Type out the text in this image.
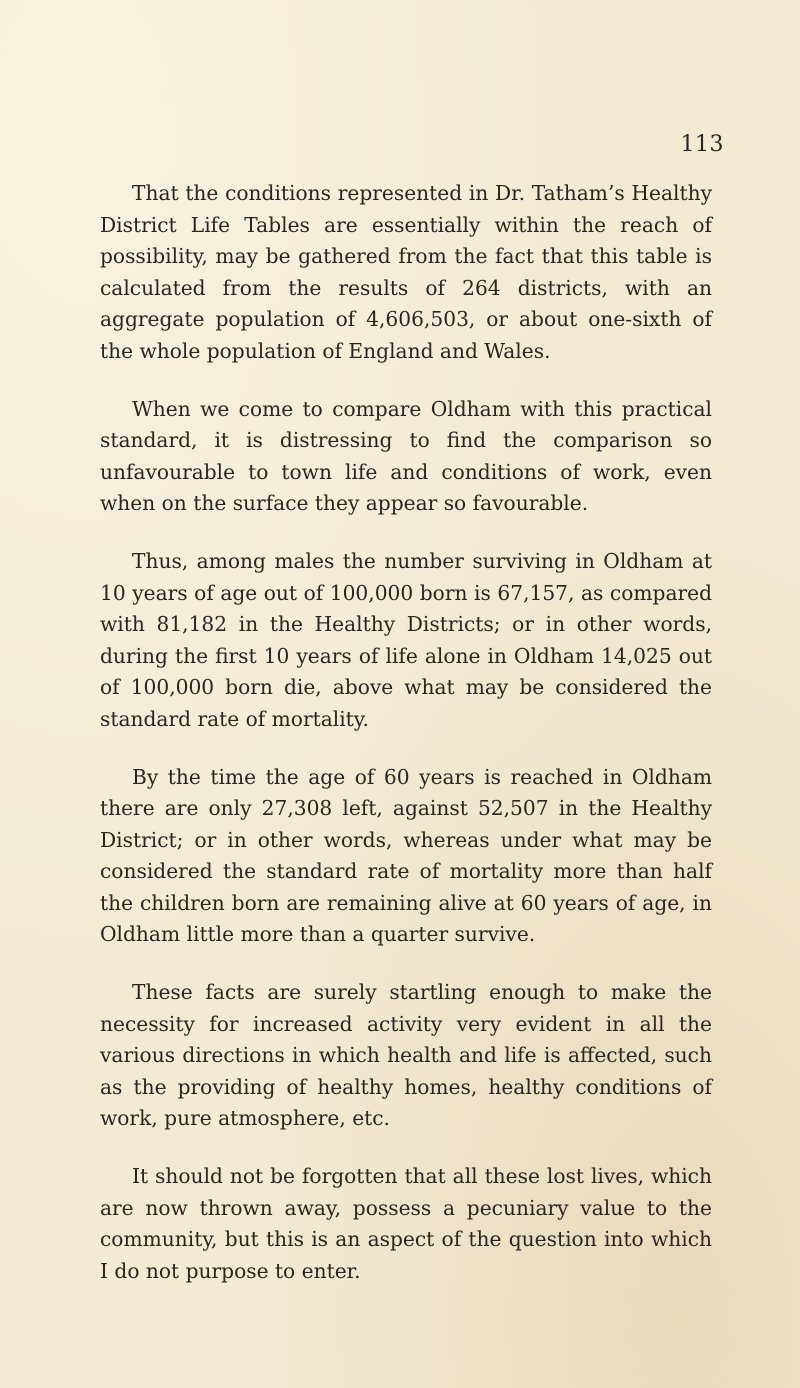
113

That the conditions represented in Dr. Tatham’s Healthy District Life Tables are essentially within the reach of possibility, may be gathered from the fact that this table is calculated from the results of 264 districts, with an aggregate population of 4,606,503, or about one-sixth of the whole population of England and Wales.

When we come to compare Oldham with this practical standard, it is distressing to find the comparison so unfavourable to town life and conditions of work, even when on the surface they appear so favourable.

Thus, among males the number surviving in Oldham at 10 years of age out of 100,000 born is 67,157, as compared with 81,182 in the Healthy Districts; or in other words, during the first 10 years of life alone in Oldham 14,025 out of 100,000 born die, above what may be considered the standard rate of mortality.

By the time the age of 60 years is reached in Oldham there are only 27,308 left, against 52,507 in the Healthy District; or in other words, whereas under what may be considered the standard rate of mortality more than half the children born are remaining alive at 60 years of age, in Oldham little more than a quarter survive.

These facts are surely startling enough to make the necessity for increased activity very evident in all the various directions in which health and life is affected, such as the providing of healthy homes, healthy conditions of work, pure atmosphere, etc.

It should not be forgotten that all these lost lives, which are now thrown away, possess a pecuniary value to the community, but this is an aspect of the question into which I do not purpose to enter.
